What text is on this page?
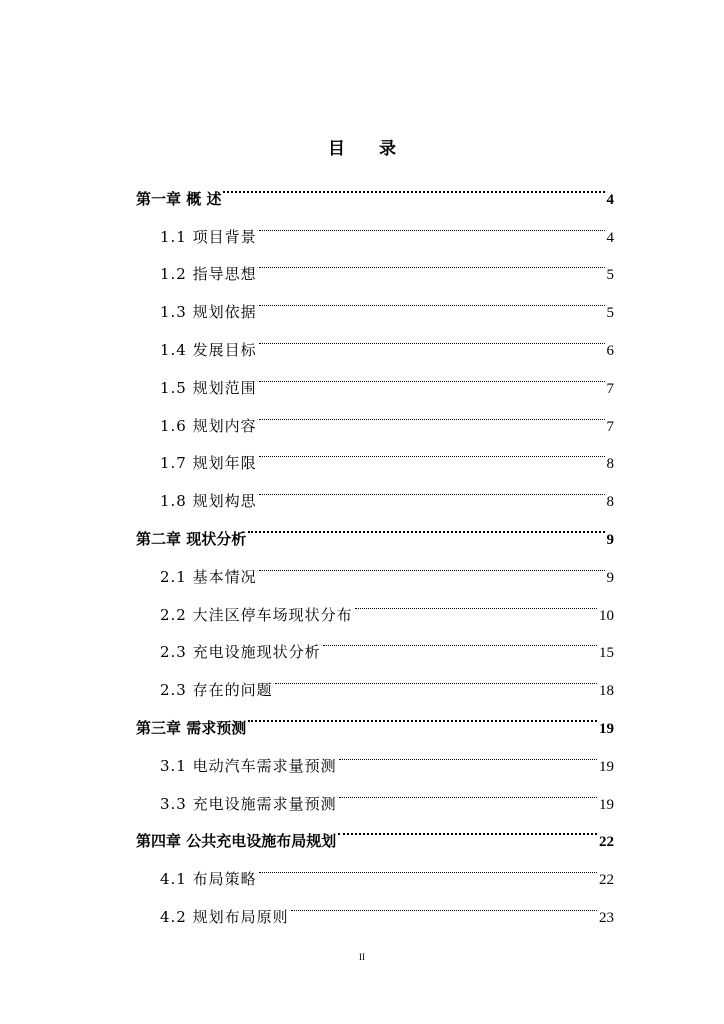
目 录
第一章 概 述	4
1.1 项目背景	4
1.2 指导思想	5
1.3 规划依据	5
1.4 发展目标	6
1.5 规划范围	7
1.6 规划内容	7
1.7 规划年限	8
1.8 规划构思	8
第二章 现状分析	9
2.1 基本情况	9
2.2 大洼区停车场现状分布	10
2.3 充电设施现状分析	15
2.3 存在的问题	18
第三章 需求预测	19
3.1 电动汽车需求量预测	19
3.3 充电设施需求量预测	19
第四章 公共充电设施布局规划	22
4.1 布局策略	22
4.2 规划布局原则	23
II
